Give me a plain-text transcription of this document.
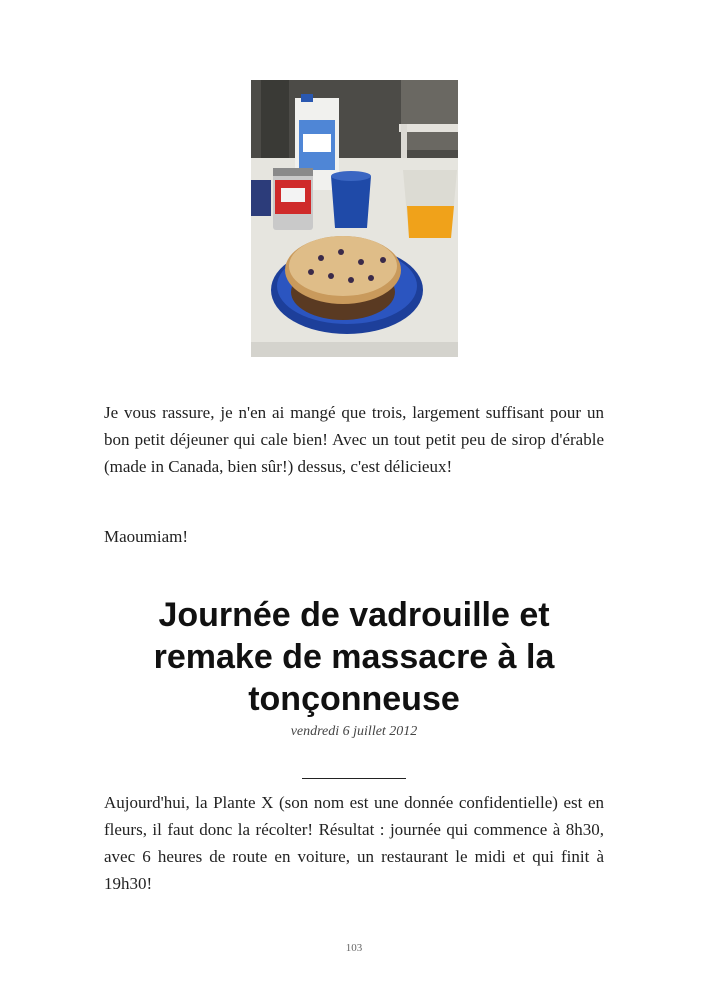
Je vous rassure, je n'en ai mangé que trois, largement suffisant pour un bon petit déjeuner qui cale bien! Avec un tout petit peu de sirop d'érable (made in Canada, bien sûr!) dessus, c'est délicieux!

Maoumiam!

Journée de vadrouille et remake de massacre à la tonçonneuse
vendredi 6 juillet 2012

Aujourd'hui, la Plante X (son nom est une donnée confidentielle) est en fleurs, il faut donc la récolter! Résultat : journée qui commence à 8h30, avec 6 heures de route en voiture, un restaurant le midi et qui finit à 19h30!

103
